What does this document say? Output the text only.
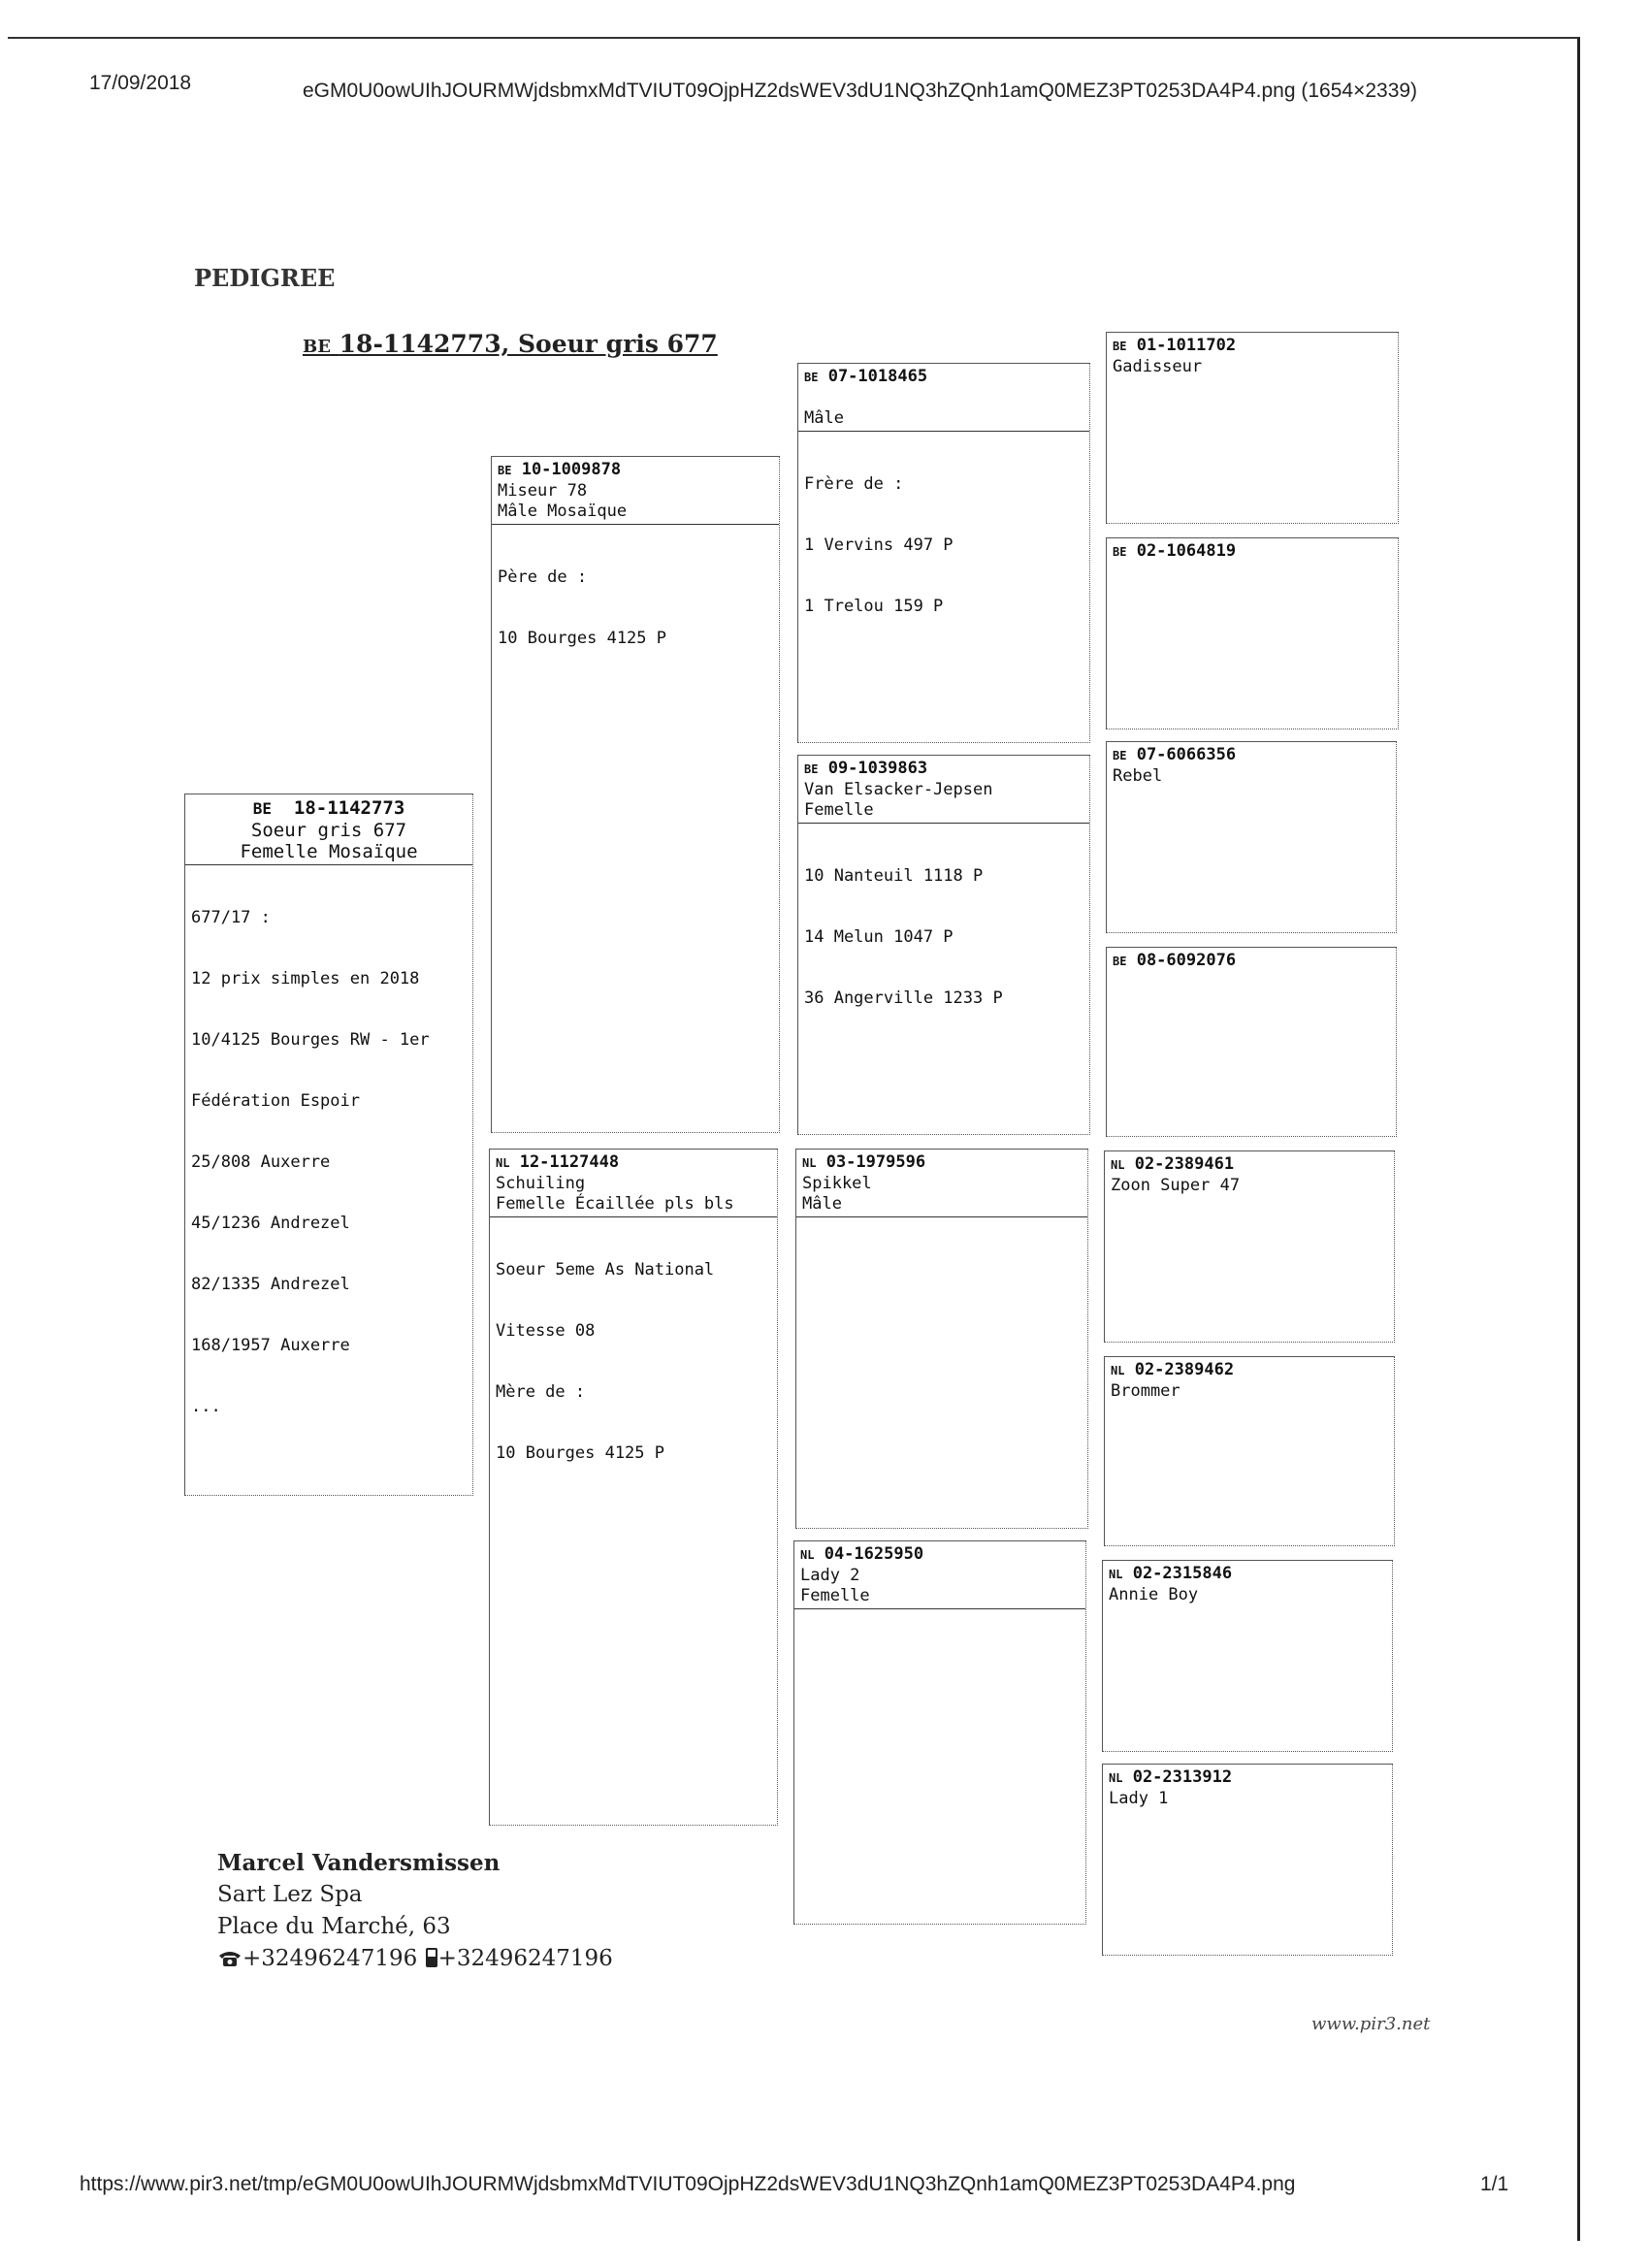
17/09/2018	eGM0U0owUIhJOURMWjdsbmxMdTVIUT09OjpHZ2dsWEV3dU1NQ3hZQnh1amQ0MEZ3PT0253DA4P4.png (1654×2339)
PEDIGREE
BE 18-1142773, Soeur gris 677
BE 18-1142773
Soeur gris 677
Femelle Mosaïque

677/17 :

12 prix simples en 2018

10/4125 Bourges RW - 1er

Fédération Espoir

25/808 Auxerre

45/1236 Andrezel

82/1335 Andrezel

168/1957 Auxerre

...

BE 10-1009878
Miseur 78
Mâle Mosaïque

Père de :

10 Bourges 4125 P

NL 12-1127448
Schuiling
Femelle Écaillée pls bls

Soeur 5eme As National

Vitesse 08

Mère de :

10 Bourges 4125 P

BE 07-1018465
Mâle

Frère de :

1 Vervins 497 P

1 Trelou 159 P

BE 09-1039863
Van Elsacker-Jepsen
Femelle

10 Nanteuil 1118 P

14 Melun 1047 P

36 Angerville 1233 P

NL 03-1979596
Spikkel
Mâle
NL 04-1625950
Lady 2
Femelle
BE 01-1011702
Gadisseur
BE 02-1064819
BE 07-6066356
Rebel
BE 08-6092076
NL 02-2389461
Zoon Super 47
NL 02-2389462
Brommer
NL 02-2315846
Annie Boy
NL 02-2313912
Lady 1
Marcel Vandersmissen
Sart Lez Spa
Place du Marché, 63
+32496247196 +32496247196
www.pir3.net
https://www.pir3.net/tmp/eGM0U0owUIhJOURMWjdsbmxMdTVIUT09OjpHZ2dsWEV3dU1NQ3hZQnh1amQ0MEZ3PT0253DA4P4.png	1/1
